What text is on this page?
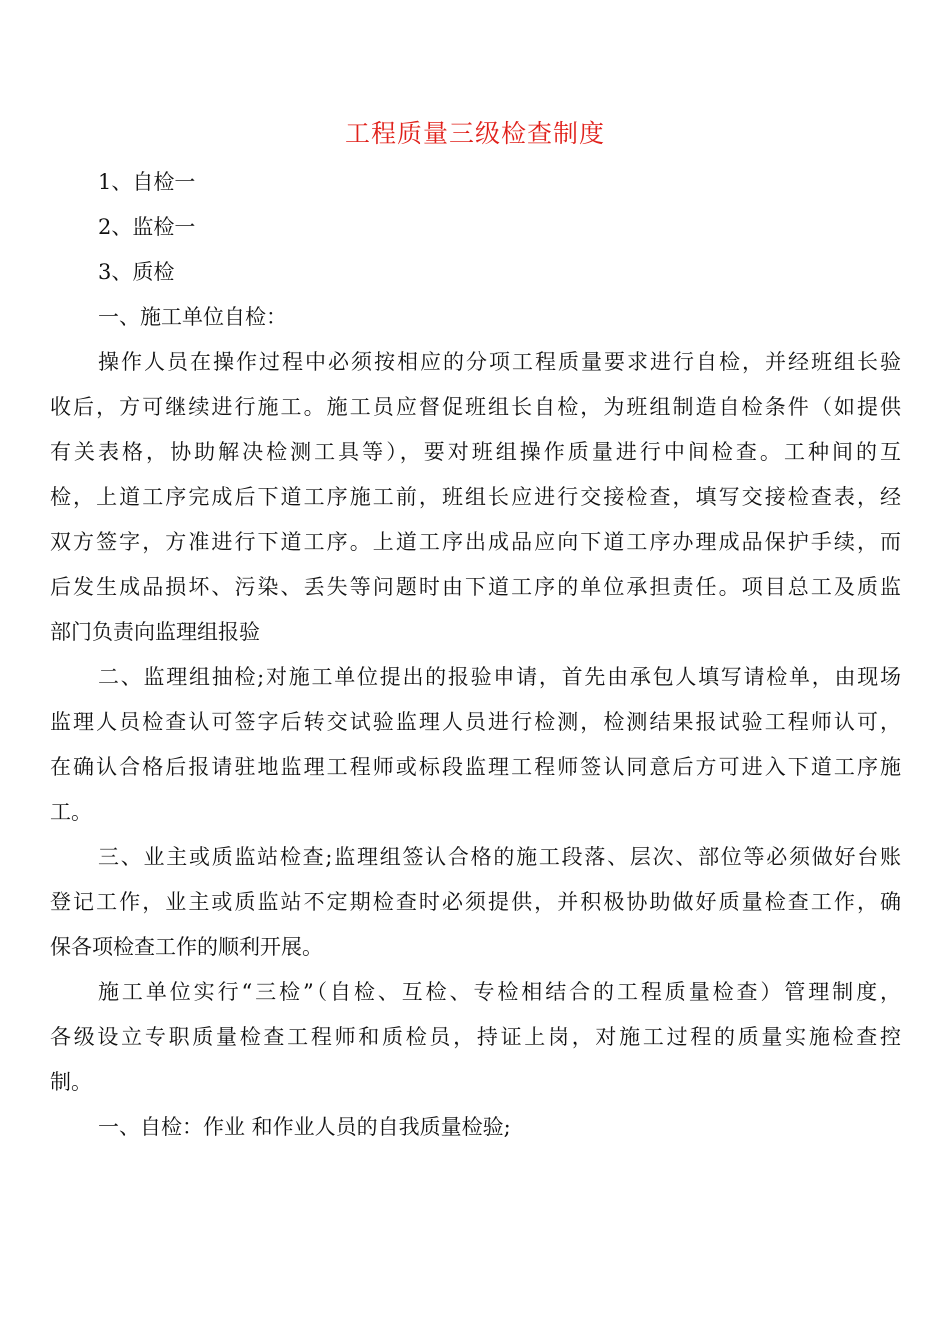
工程质量三级检查制度

1、自检一

2、监检一

3、质检

一、施工单位自检：

操作人员在操作过程中必须按相应的分项工程质量要求进行自检，并经班组长验

收后，方可继续进行施工。施工员应督促班组长自检，为班组制造自检条件（如提供

有关表格，协助解决检测工具等），要对班组操作质量进行中间检查。工种间的互

检，上道工序完成后下道工序施工前，班组长应进行交接检查，填写交接检查表，经

双方签字，方准进行下道工序。上道工序出成品应向下道工序办理成品保护手续，而

后发生成品损坏、污染、丢失等问题时由下道工序的单位承担责任。项目总工及质监

部门负责向监理组报验

二、监理组抽检;对施工单位提出的报验申请，首先由承包人填写请检单，由现场

监理人员检查认可签字后转交试验监理人员进行检测，检测结果报试验工程师认可，

在确认合格后报请驻地监理工程师或标段监理工程师签认同意后方可进入下道工序施

工。

三、业主或质监站检查;监理组签认合格的施工段落、层次、部位等必须做好台账

登记工作，业主或质监站不定期检查时必须提供，并积极协助做好质量检查工作，确

保各项检查工作的顺利开展。

施工单位实行“三检”（自检、互检、专检相结合的工程质量检查）管理制度，

各级设立专职质量检查工程师和质检员，持证上岗，对施工过程的质量实施检查控

制。

一、自检：作业 和作业人员的自我质量检验;
